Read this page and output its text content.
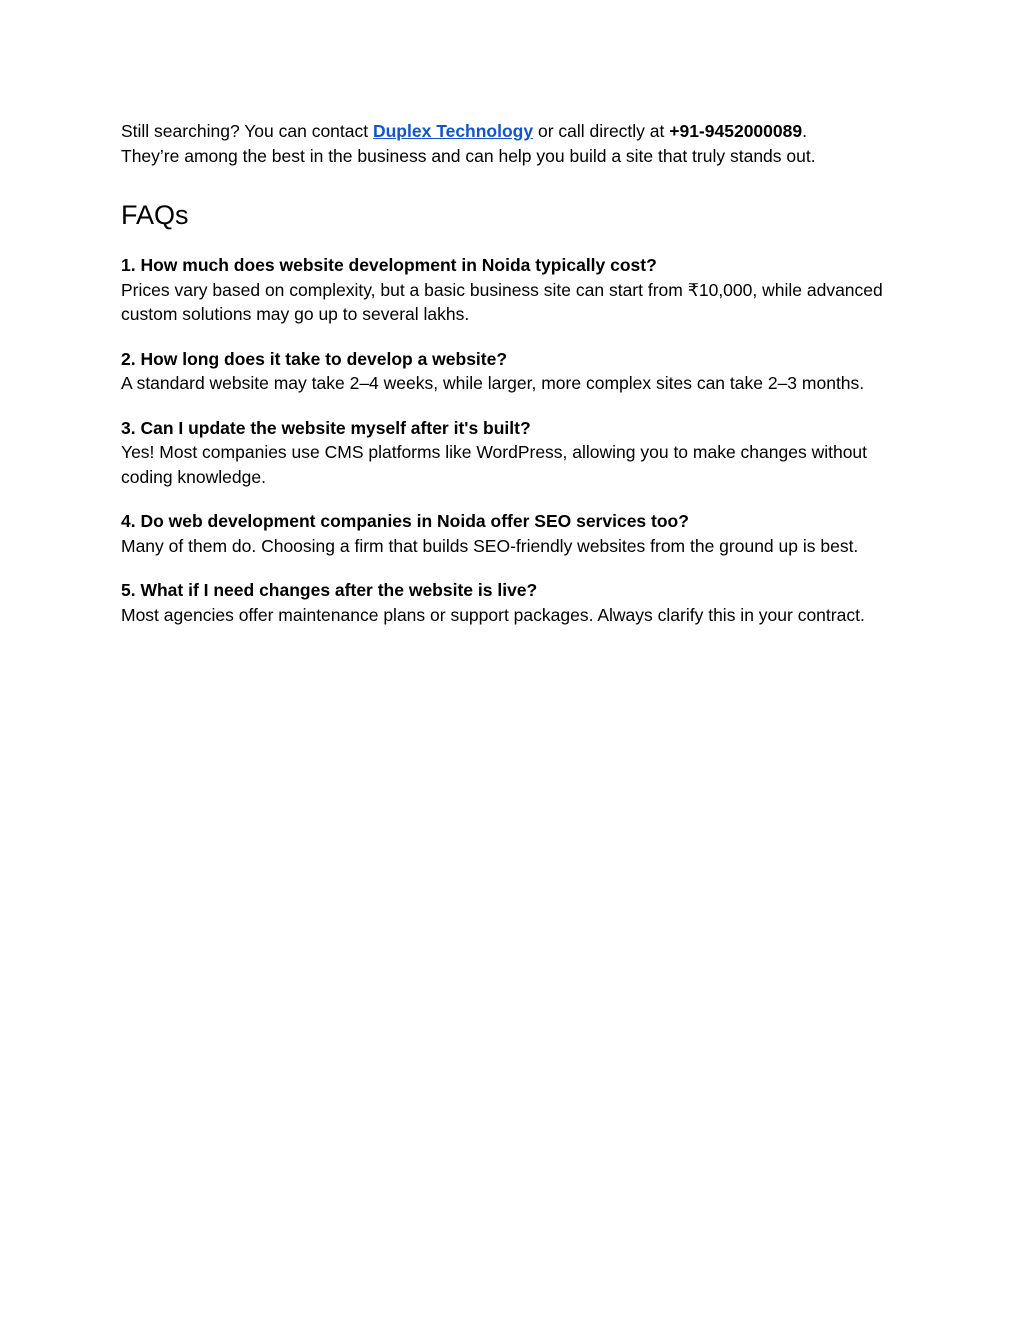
Still searching? You can contact Duplex Technology or call directly at +91-9452000089.
They’re among the best in the business and can help you build a site that truly stands out.

FAQs
1. How much does website development in Noida typically cost?
Prices vary based on complexity, but a basic business site can start from ₹10,000, while advanced custom solutions may go up to several lakhs.
2. How long does it take to develop a website?
A standard website may take 2–4 weeks, while larger, more complex sites can take 2–3 months.
3. Can I update the website myself after it's built?
Yes! Most companies use CMS platforms like WordPress, allowing you to make changes without coding knowledge.
4. Do web development companies in Noida offer SEO services too?
Many of them do. Choosing a firm that builds SEO-friendly websites from the ground up is best.
5. What if I need changes after the website is live?
Most agencies offer maintenance plans or support packages. Always clarify this in your contract.
